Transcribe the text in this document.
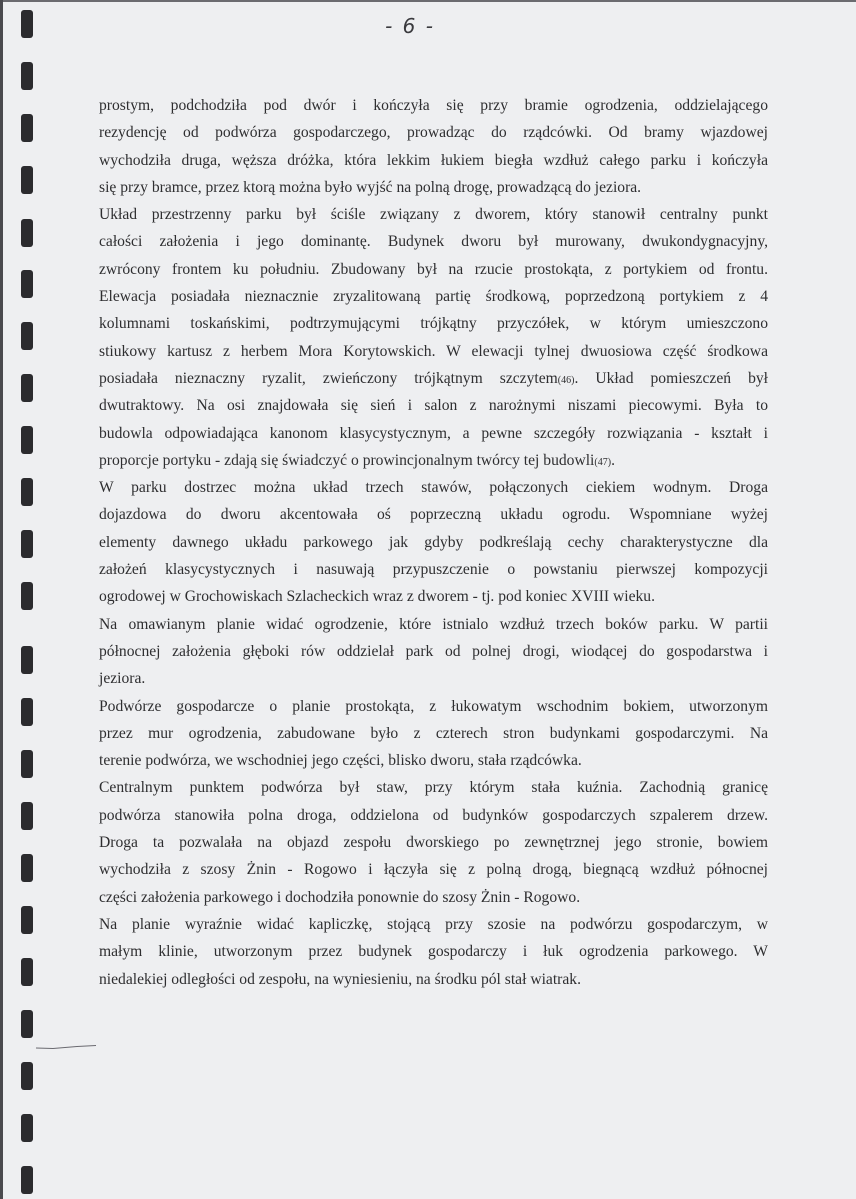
- 6 -
prostym, podchodziła pod dwór i kończyła się przy bramie ogrodzenia, oddzielającego
rezydencję od podwórza gospodarczego, prowadząc do rządcówki. Od bramy wjazdowej
wychodziła druga, węższa dróżka, która lekkim łukiem biegła wzdłuż całego parku i kończyła
się przy bramce, przez ktorą można było wyjść na polną drogę, prowadzącą do jeziora.
Układ przestrzenny parku był ściśle związany z dworem, który stanowił centralny punkt
całości założenia i jego dominantę. Budynek dworu był murowany, dwukondygnacyjny,
zwrócony frontem ku południu. Zbudowany był na rzucie prostokąta, z portykiem od frontu.
Elewacja posiadała nieznacznie zryzalitowaną partię środkową, poprzedzoną portykiem z 4
kolumnami toskańskimi, podtrzymującymi trójkątny przyczółek, w którym umieszczono
stiukowy kartusz z herbem Mora Korytowskich. W elewacji tylnej dwuosiowa część środkowa
posiadała nieznaczny ryzalit, zwieńczony trójkątnym szczytem(46). Układ pomieszczeń był
dwutraktowy. Na osi znajdowała się sień i salon z narożnymi niszami piecowymi. Była to
budowla odpowiadająca kanonom klasycystycznym, a pewne szczegóły rozwiązania - kształt i
proporcje portyku - zdają się świadczyć o prowincjonalnym twórcy tej budowli(47).
W parku dostrzec można układ trzech stawów, połączonych ciekiem wodnym. Droga
dojazdowa do dworu akcentowała oś poprzeczną układu ogrodu. Wspomniane wyżej
elementy dawnego układu parkowego jak gdyby podkreślają cechy charakterystyczne dla
założeń klasycystycznych i nasuwają przypuszczenie o powstaniu pierwszej kompozycji
ogrodowej w Grochowiskach Szlacheckich wraz z dworem - tj. pod koniec XVIII wieku.
Na omawianym planie widać ogrodzenie, które istnialo wzdłuż trzech boków parku. W partii
północnej założenia głęboki rów oddzielał park od polnej drogi, wiodącej do gospodarstwa i
jeziora.
Podwórze gospodarcze o planie prostokąta, z łukowatym wschodnim bokiem, utworzonym
przez mur ogrodzenia, zabudowane było z czterech stron budynkami gospodarczymi. Na
terenie podwórza, we wschodniej jego części, blisko dworu, stała rządcówka.
Centralnym punktem podwórza był staw, przy którym stała kuźnia. Zachodnią granicę
podwórza stanowiła polna droga, oddzielona od budynków gospodarczych szpalerem drzew.
Droga ta pozwalała na objazd zespołu dworskiego po zewnętrznej jego stronie, bowiem
wychodziła z szosy Żnin - Rogowo i łączyła się z polną drogą, biegnącą wzdłuż północnej
części założenia parkowego i dochodziła ponownie do szosy Żnin - Rogowo.
Na planie wyraźnie widać kapliczkę, stojącą przy szosie na podwórzu gospodarczym, w
małym klinie, utworzonym przez budynek gospodarczy i łuk ogrodzenia parkowego. W
niedalekiej odległości od zespołu, na wyniesieniu, na środku pól stał wiatrak.
